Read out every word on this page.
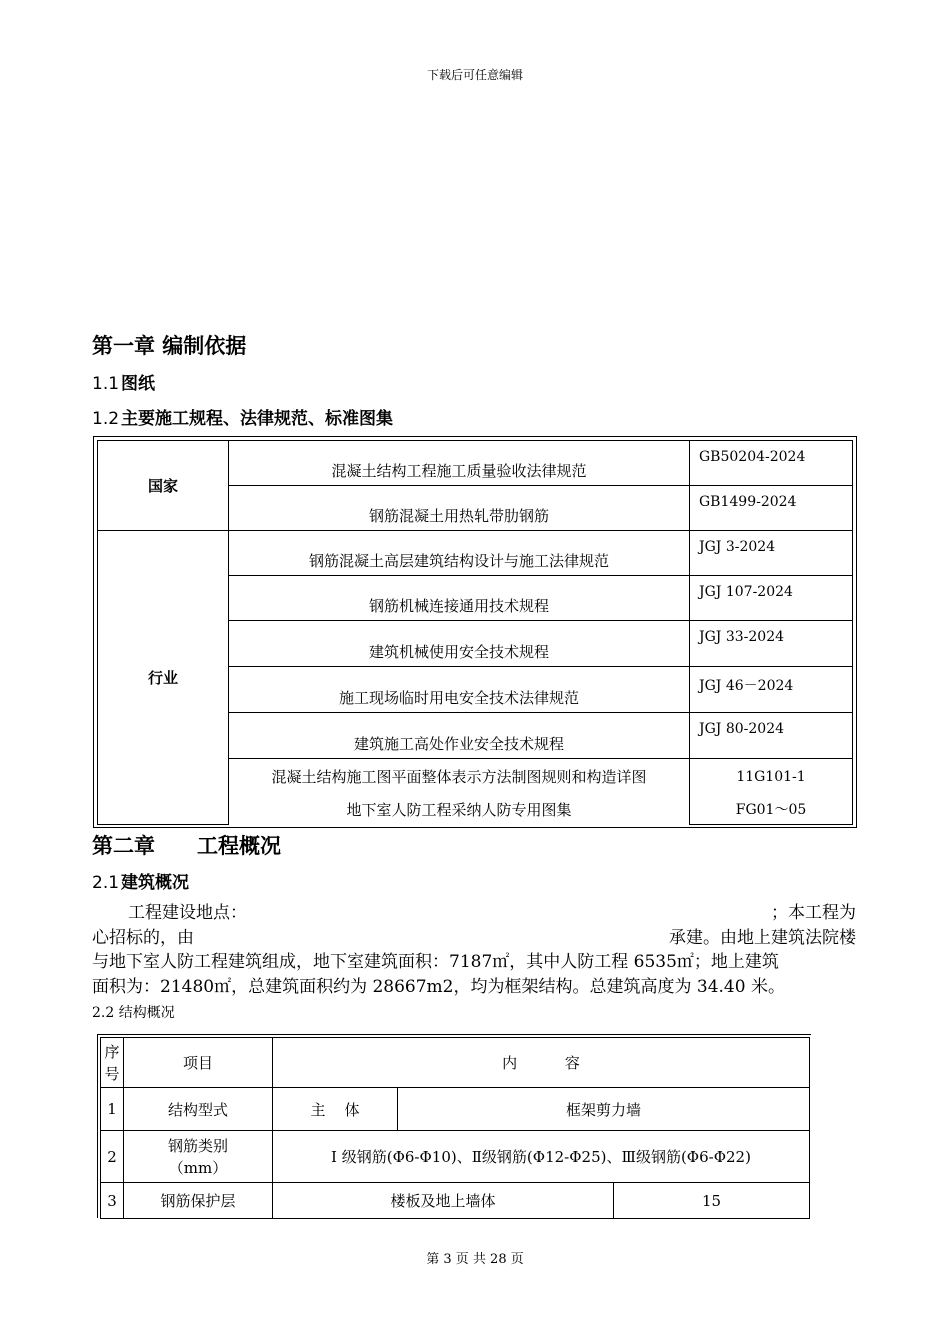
下载后可任意编辑
第一章 编制依据
1.1 图纸
1.2 主要施工规程、法律规范、标准图集
国家	混凝土结构工程施工质量验收法律规范	GB50204-2024
	钢筋混凝土用热轧带肋钢筋	GB1499-2024
行业	钢筋混凝土高层建筑结构设计与施工法律规范	JGJ 3-2024
	钢筋机械连接通用技术规程	JGJ 107-2024
	建筑机械使用安全技术规程	JGJ 33-2024
	施工现场临时用电安全技术法律规范	JGJ 46－2024
	建筑施工高处作业安全技术规程	JGJ 80-2024
	混凝土结构施工图平面整体表示方法制图规则和构造详图	11G101-1
	地下室人防工程采纳人防专用图集	FG01～05
第二章 工程概况
2.1 建筑概况
工程建设地点：	；本工程为
心招标的，由	承建。由地上建筑法院楼
与地下室人防工程建筑组成，地下室建筑面积：7187㎡，其中人防工程 6535㎡；地上建筑
面积为：21480㎡，总建筑面积约为 28667m2，均为框架结构。总建筑高度为 34.40 米。
2.2 结构概况
序
号	项目	内          容
1	结构型式	主    体	框架剪力墙
2	钢筋类别
（mm）	Ⅰ 级钢筋(Φ6-Φ10)、Ⅱ级钢筋(Φ12-Φ25)、Ⅲ级钢筋(Φ6-Φ22)
3	钢筋保护层		楼板及地上墙体	15
第 3 页 共 28 页
